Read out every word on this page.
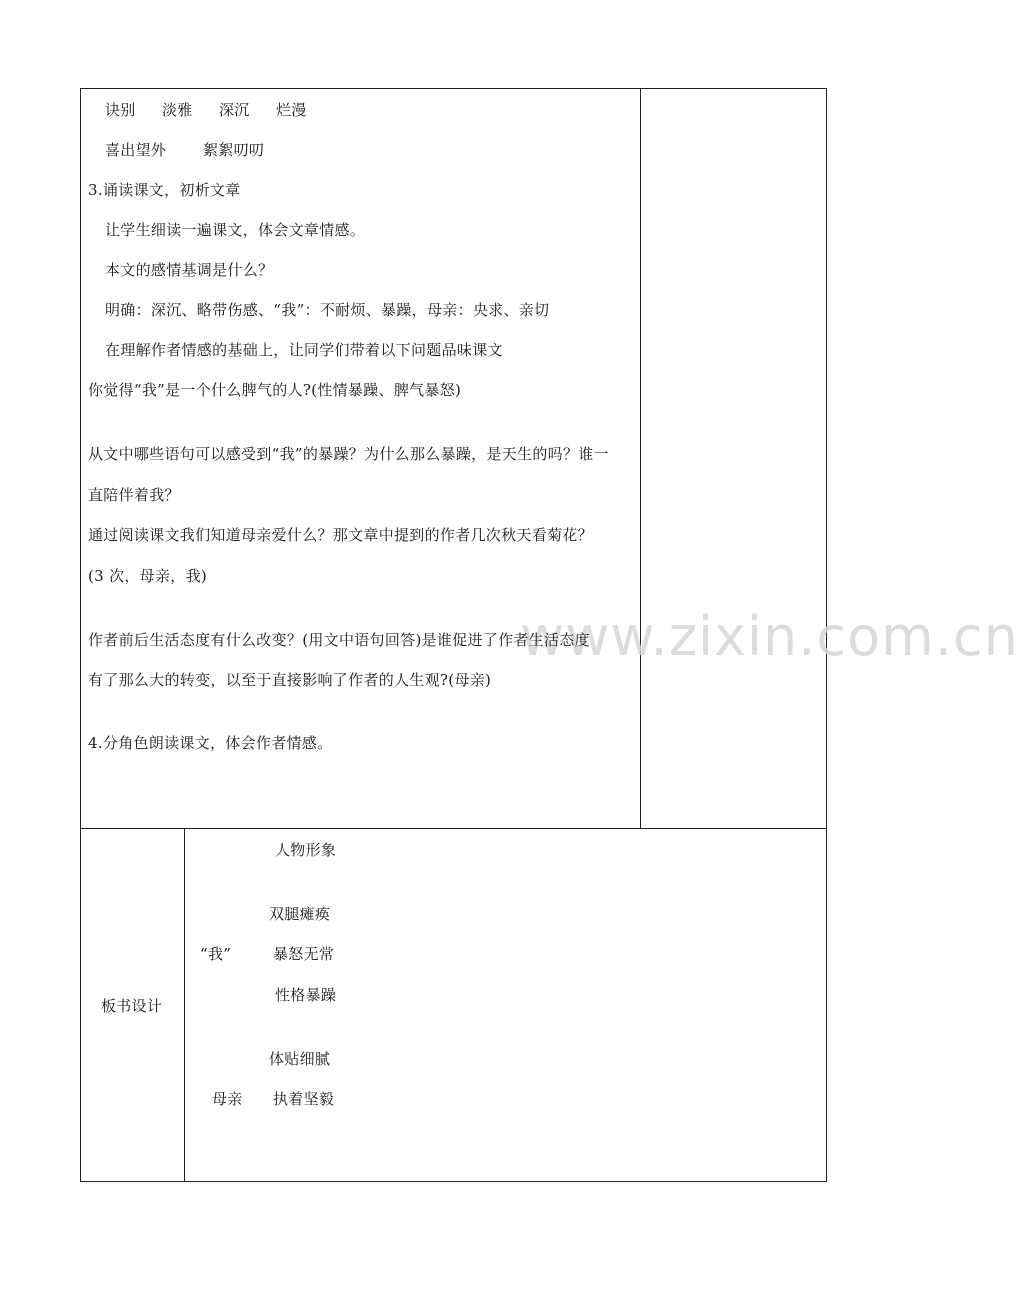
www.zixin.com.cn
诀别 淡雅 深沉 烂漫
喜出望外 絮絮叨叨
3.诵读课文，初析文章
让学生细读一遍课文，体会文章情感。
本文的感情基调是什么？
明确：深沉、略带伤感、“我”：不耐烦、暴躁，母亲：央求、亲切
在理解作者情感的基础上，让同学们带着以下问题品味课文
你觉得“我”是一个什么脾气的人?(性情暴躁、脾气暴怒)
从文中哪些语句可以感受到“我”的暴躁？为什么那么暴躁，是天生的吗？谁一
直陪伴着我？
通过阅读课文我们知道母亲爱什么？那文章中提到的作者几次秋天看菊花？
(3 次，母亲，我)
作者前后生活态度有什么改变？(用文中语句回答)是谁促进了作者生活态度
有了那么大的转变，以至于直接影响了作者的人生观?(母亲)
4.分角色朗读课文，体会作者情感。
板书设计
人物形象
双腿瘫痪
“我”	暴怒无常
性格暴躁
体贴细腻
母亲 执着坚毅
